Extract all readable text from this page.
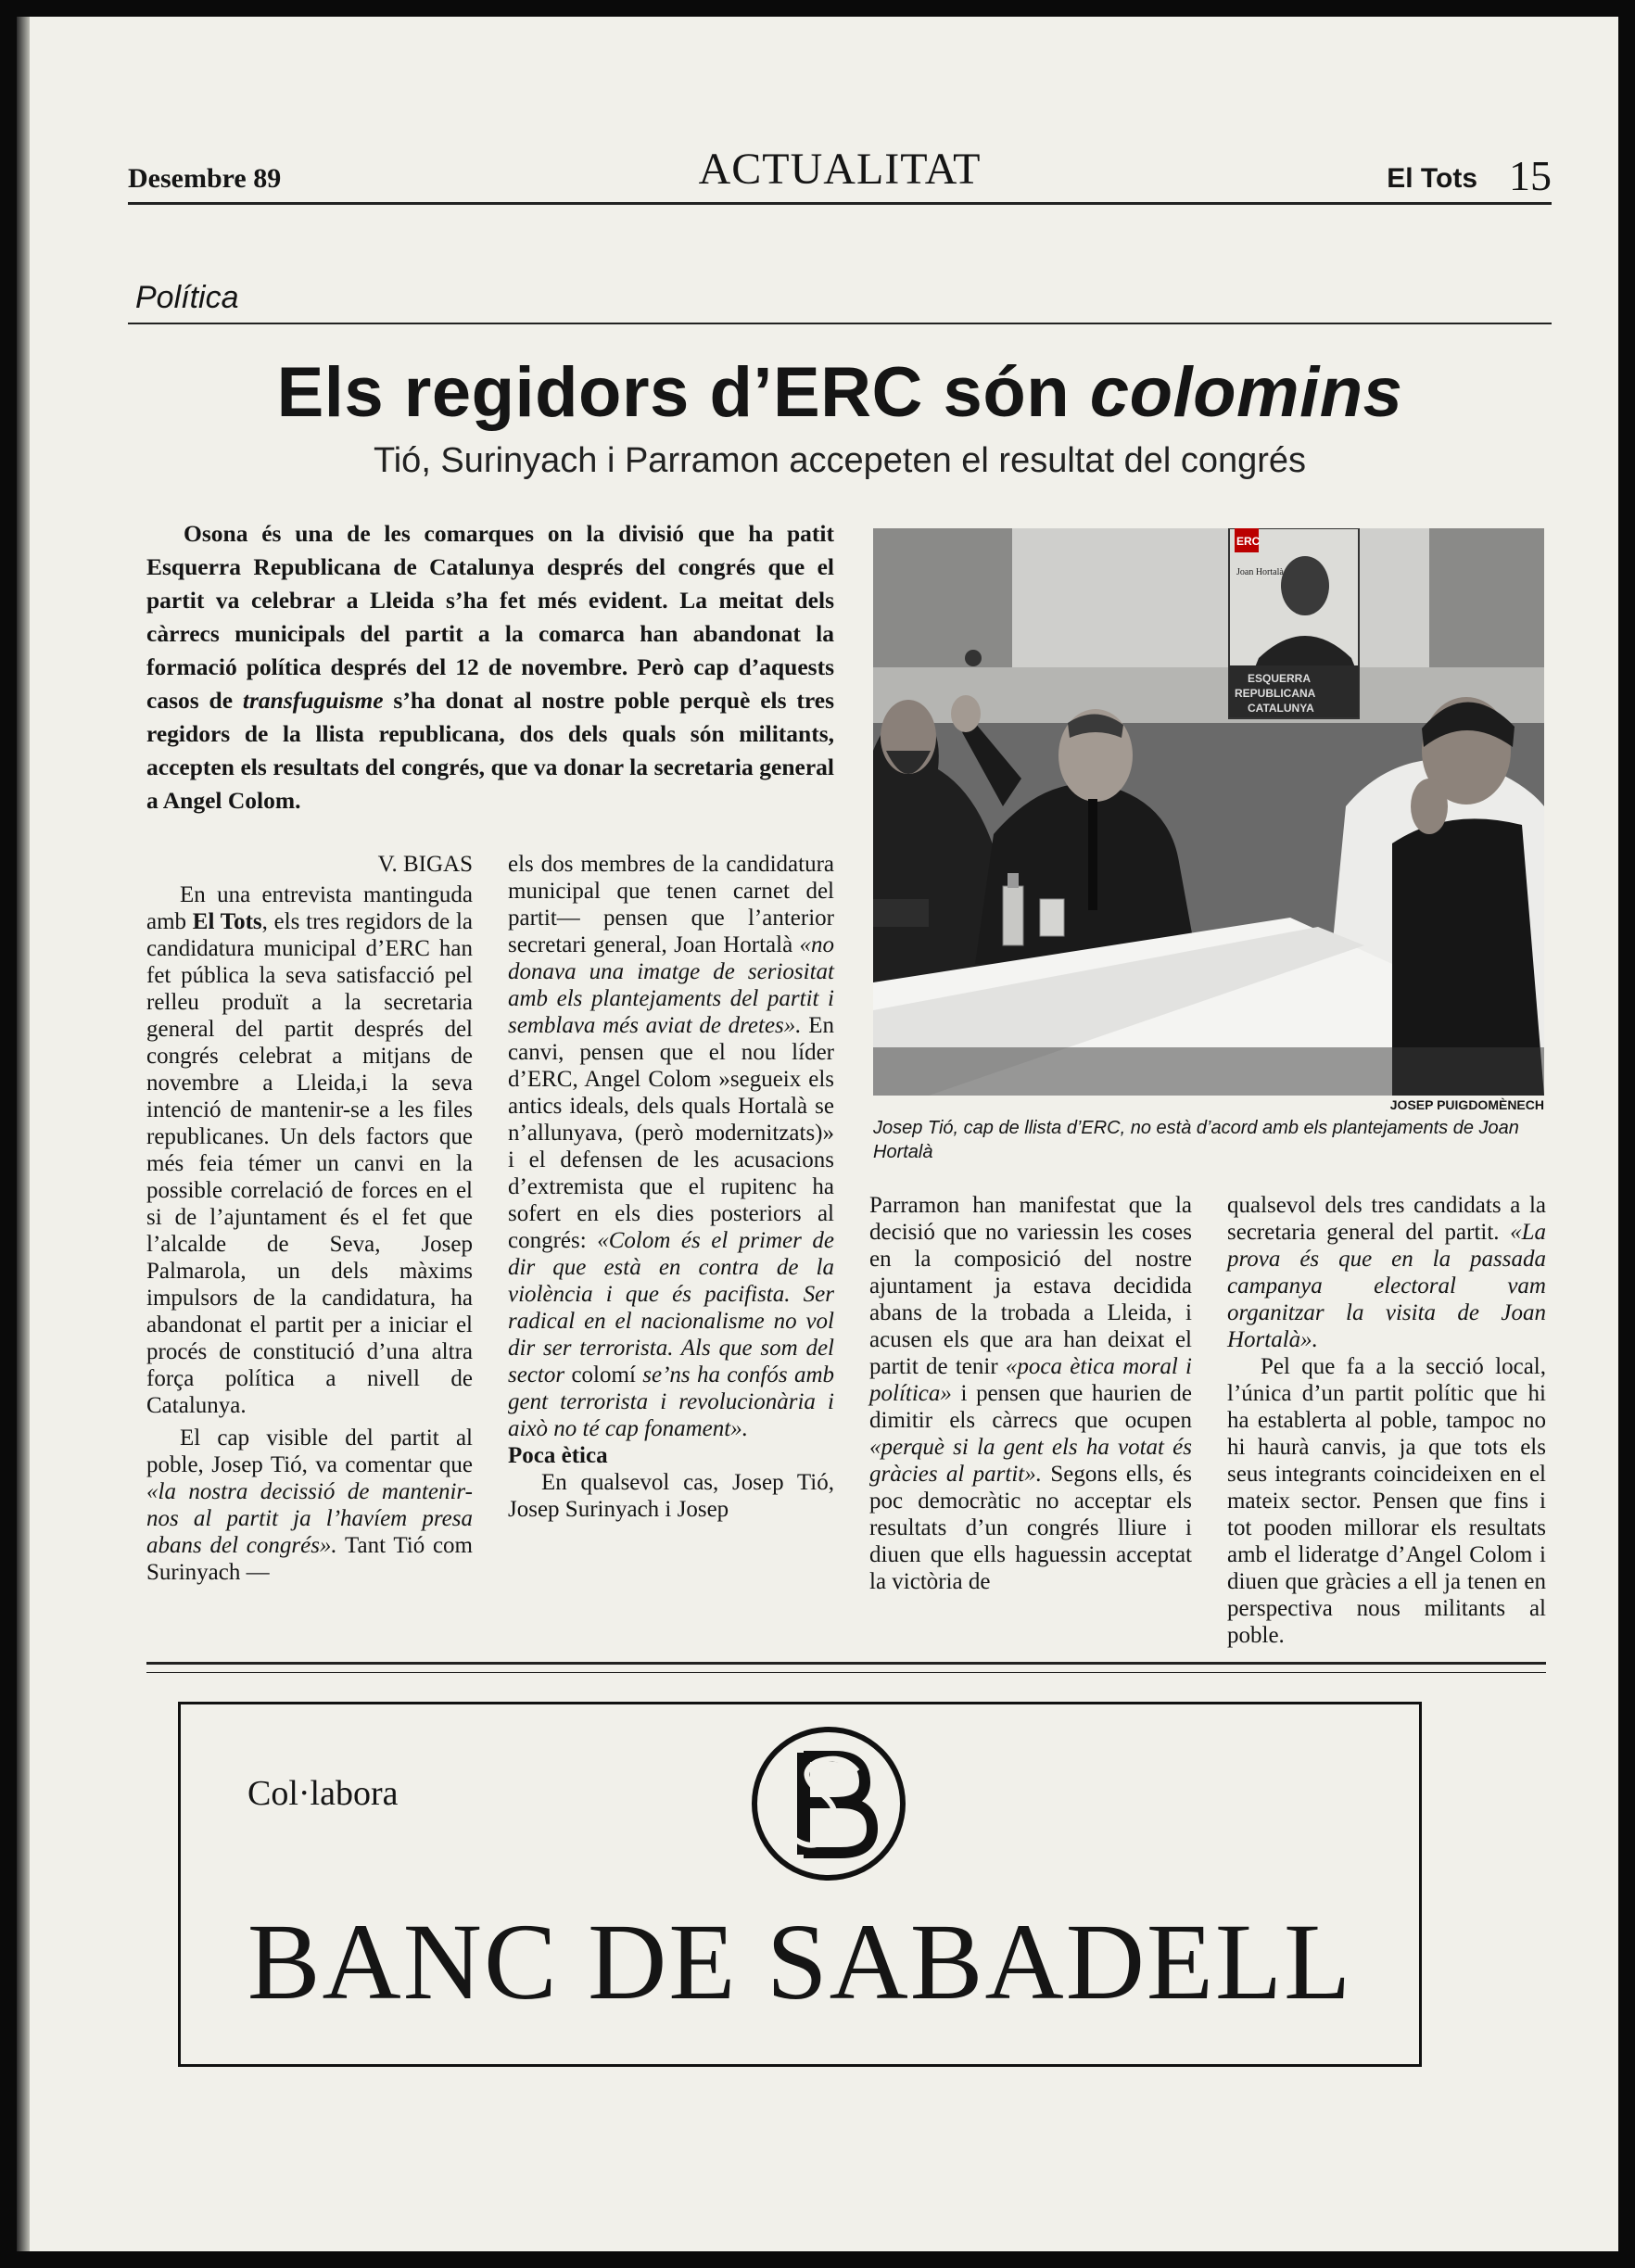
Desembre 89	ACTUALITAT	El Tots 15
Política
Els regidors d’ERC són colomins
Tió, Surinyach i Parramon accepeten el resultat del congrés
Osona és una de les comarques on la divisió que ha patit Esquerra Republicana de Catalunya després del congrés que el partit va celebrar a Lleida s’ha fet més evident. La meitat dels càrrecs municipals del partit a la comarca han abandonat la formació política després del 12 de novembre. Però cap d’aquests casos de transfuguisme s’ha donat al nostre poble perquè els tres regidors de la llista republicana, dos dels quals són militants, accepten els resultats del congrés, que va donar la secretaria general a Angel Colom.
ERC
Joan Hortalà
ESQUERRA
REPUBLICANA
CATALUNYA
JOSEP PUIGDOMÈNECH
Josep Tió, cap de llista d’ERC, no està d’acord amb els plantejaments de Joan Hortalà
V. BIGAS

En una entrevista mantinguda amb El Tots, els tres regidors de la candidatura municipal d’ERC han fet pública la seva satisfacció pel relleu produït a la secretaria general del partit després del congrés celebrat a mitjans de novembre a Lleida,i la seva intenció de mantenir-se a les files republicanes. Un dels factors que més feia témer un canvi en la possible correlació de forces en el si de l’ajuntament és el fet que l’alcalde de Seva, Josep Palmarola, un dels màxims impulsors de la candidatura, ha abandonat el partit per a iniciar el procés de constitució d’una altra força política a nivell de Catalunya.

El cap visible del partit al poble, Josep Tió, va comentar que «la nostra decissió de mantenir-nos al partit ja l’havíem presa abans del congrés». Tant Tió com Surinyach —

els dos membres de la candidatura municipal que tenen carnet del partit— pensen que l’anterior secretari general, Joan Hortalà «no donava una imatge de seriositat amb els plantejaments del partit i semblava més aviat de dretes». En canvi, pensen que el nou líder d’ERC, Angel Colom »segueix els antics ideals, dels quals Hortalà se n’allunyava, (però modernitzats)» i el defensen de les acusacions d’extremista que el rupitenc ha sofert en els dies posteriors al congrés: «Colom és el primer de dir que està en contra de la violència i que és pacifista. Ser radical en el nacionalisme no vol dir ser terrorista. Als que som del sector colomí se’ns ha confós amb gent terrorista i revolucionària i això no té cap fonament».

Poca ètica

En qualsevol cas, Josep Tió, Josep Surinyach i Josep

Parramon han manifestat que la decisió que no variessin les coses en la composició del nostre ajuntament ja estava decidida abans de la trobada a Lleida, i acusen els que ara han deixat el partit de tenir «poca ètica moral i política» i pensen que haurien de dimitir els càrrecs que ocupen «perquè si la gent els ha votat és gràcies al partit». Segons ells, és poc democràtic no acceptar els resultats d’un congrés lliure i diuen que ells haguessin acceptat la victòria de

qualsevol dels tres candidats a la secretaria general del partit. «La prova és que en la passada campanya electoral vam organitzar la visita de Joan Hortalà».

Pel que fa a la secció local, l’única d’un partit polític que hi ha establerta al poble, tampoc no hi haurà canvis, ja que tots els seus integrants coincideixen en el mateix sector. Pensen que fins i tot pooden millorar els resultats amb el lideratge d’Angel Colom i diuen que gràcies a ell ja tenen en perspectiva nous militants al poble.

Col·labora
BANC DE SABADELL
